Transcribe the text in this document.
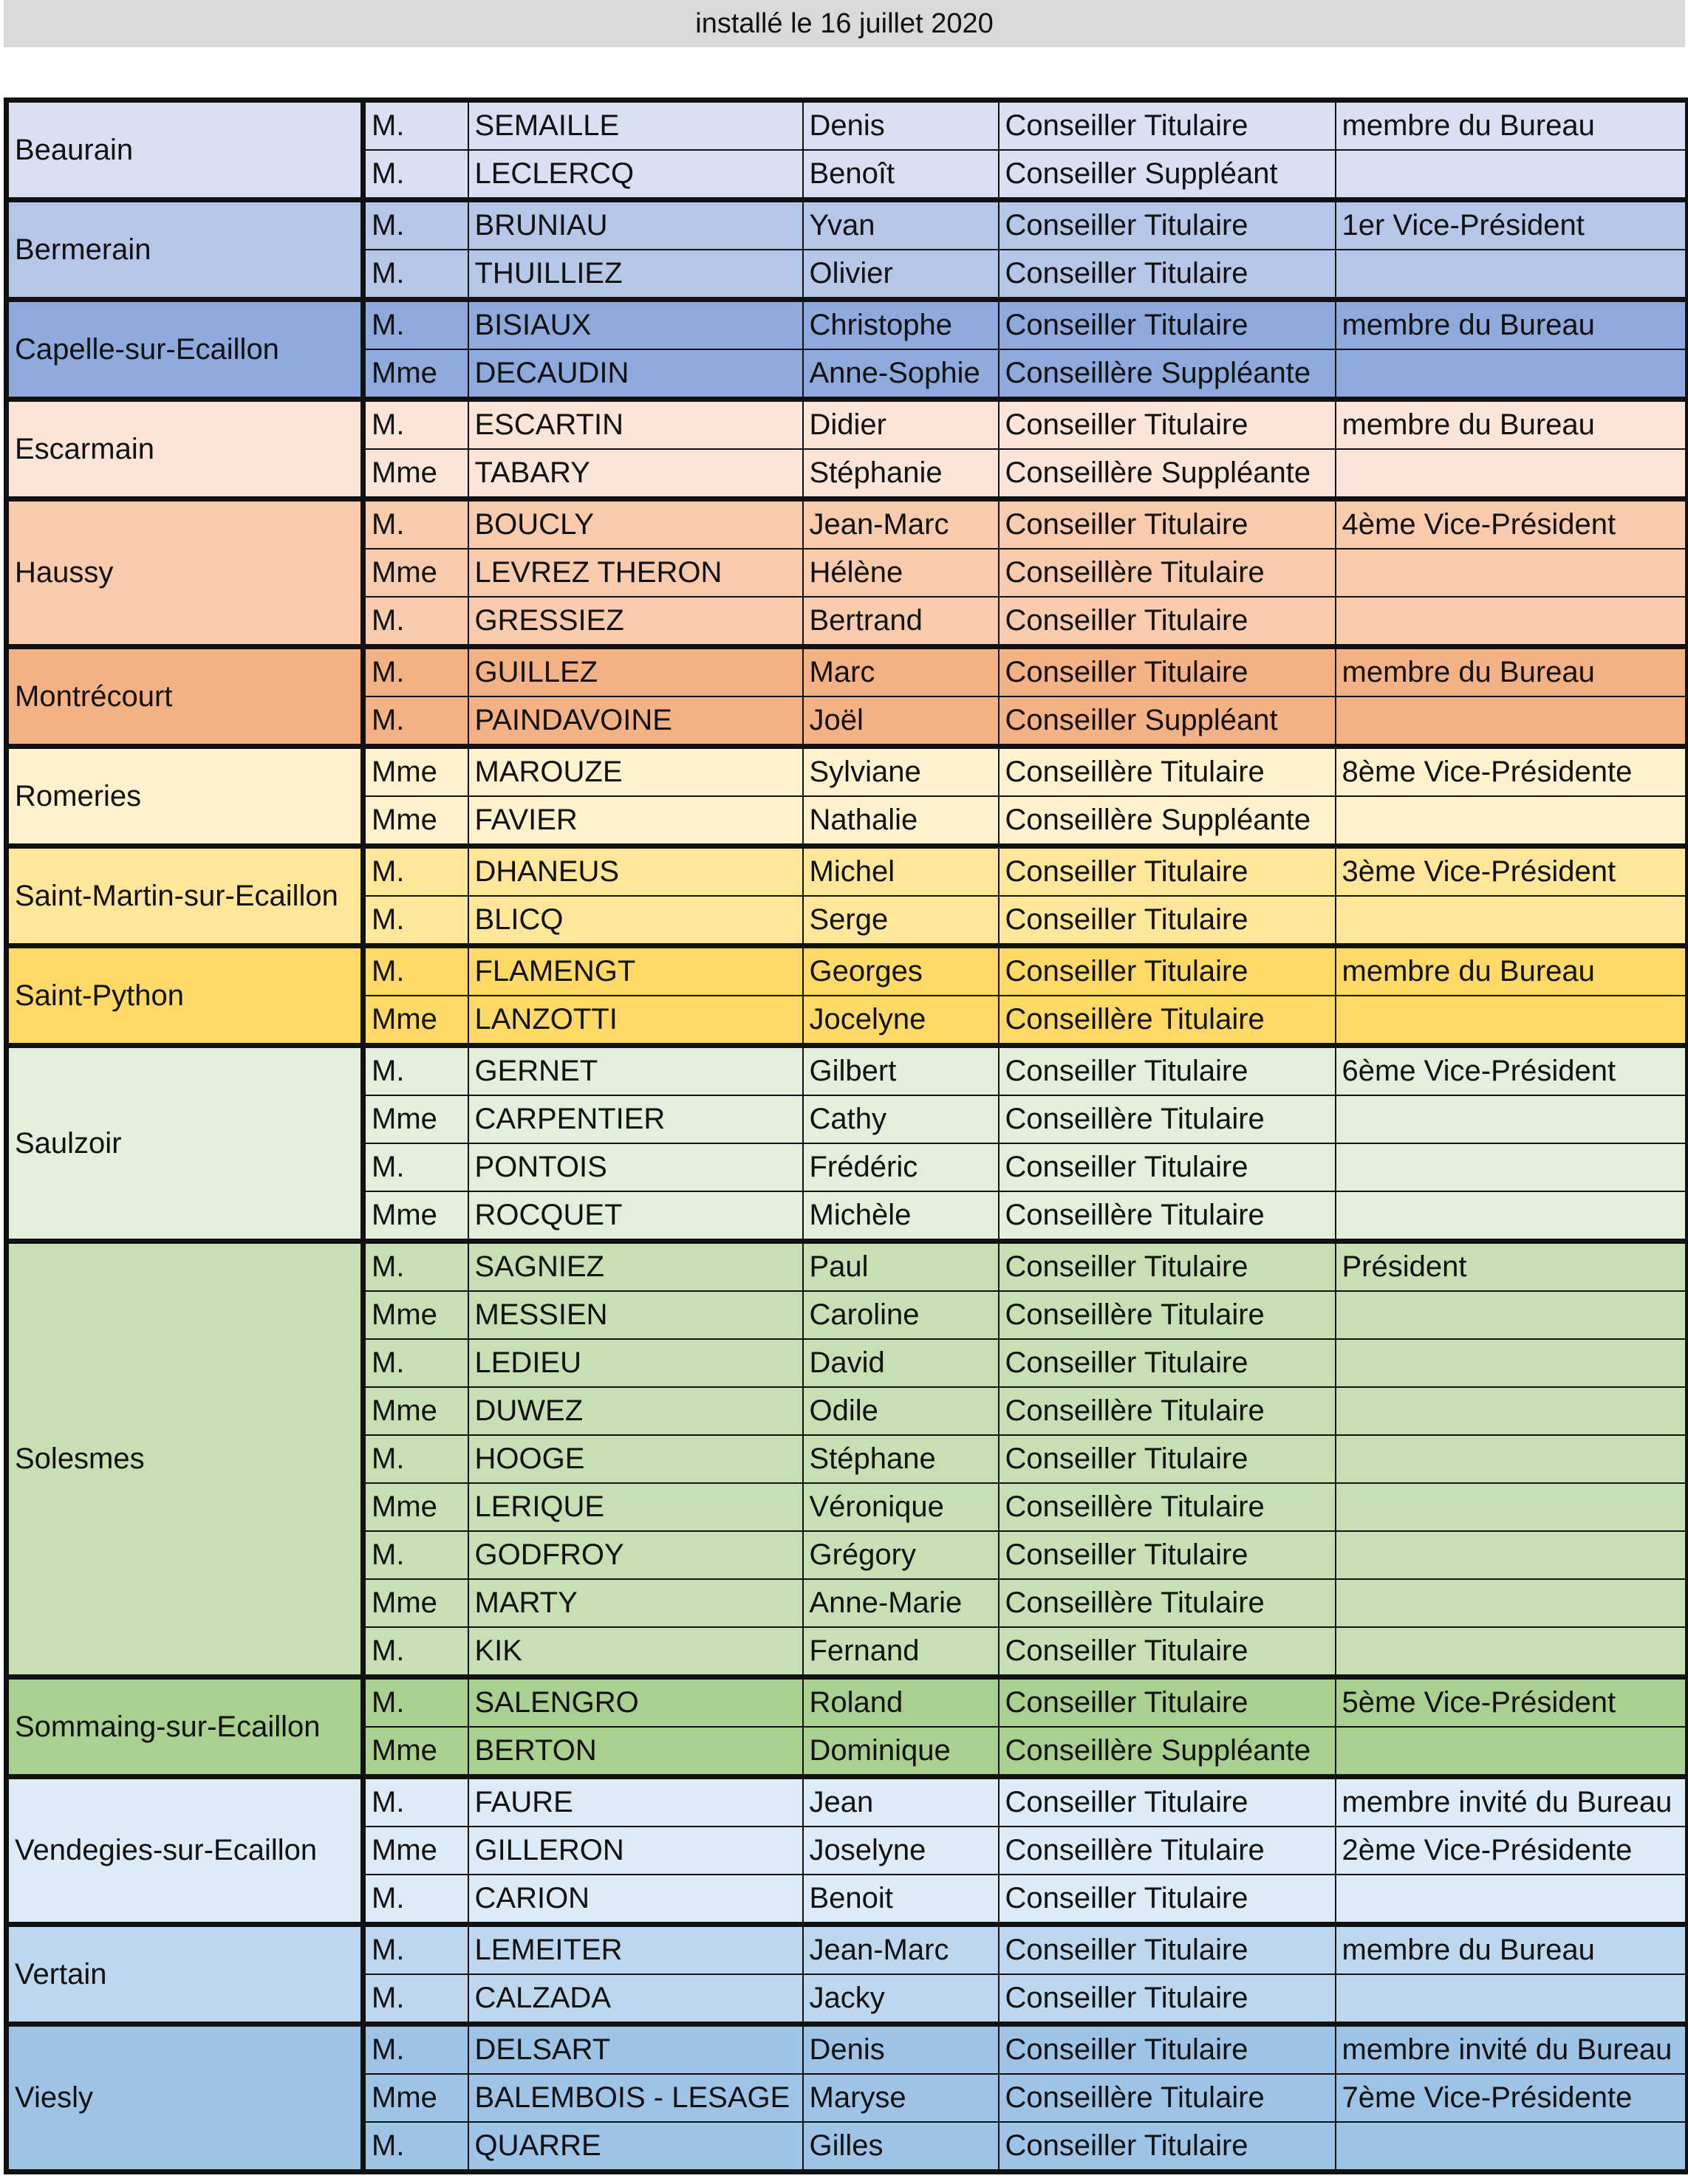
installé le 16 juillet 2020
Beaurain	M.	SEMAILLE	Denis	Conseiller Titulaire	membre du Bureau
	M.	LECLERCQ	Benoît	Conseiller Suppléant	
Bermerain	M.	BRUNIAU	Yvan	Conseiller Titulaire	1er Vice-Président
	M.	THUILLIEZ	Olivier	Conseiller Titulaire	
Capelle-sur-Ecaillon	M.	BISIAUX	Christophe	Conseiller Titulaire	membre du Bureau
	Mme	DECAUDIN	Anne-Sophie	Conseillère Suppléante	
Escarmain	M.	ESCARTIN	Didier	Conseiller Titulaire	membre du Bureau
	Mme	TABARY	Stéphanie	Conseillère Suppléante	
Haussy	M.	BOUCLY	Jean-Marc	Conseiller Titulaire	4ème Vice-Président
	Mme	LEVREZ THERON	Hélène	Conseillère Titulaire	
	M.	GRESSIEZ	Bertrand	Conseiller Titulaire	
Montrécourt	M.	GUILLEZ	Marc	Conseiller Titulaire	membre du Bureau
	M.	PAINDAVOINE	Joël	Conseiller Suppléant	
Romeries	Mme	MAROUZE	Sylviane	Conseillère Titulaire	8ème Vice-Présidente
	Mme	FAVIER	Nathalie	Conseillère Suppléante	
Saint-Martin-sur-Ecaillon	M.	DHANEUS	Michel	Conseiller Titulaire	3ème Vice-Président
	M.	BLICQ	Serge	Conseiller Titulaire	
Saint-Python	M.	FLAMENGT	Georges	Conseiller Titulaire	membre du Bureau
	Mme	LANZOTTI	Jocelyne	Conseillère Titulaire	
Saulzoir	M.	GERNET	Gilbert	Conseiller Titulaire	6ème Vice-Président
	Mme	CARPENTIER	Cathy	Conseillère Titulaire	
	M.	PONTOIS	Frédéric	Conseiller Titulaire	
	Mme	ROCQUET	Michèle	Conseillère Titulaire	
Solesmes	M.	SAGNIEZ	Paul	Conseiller Titulaire	Président
	Mme	MESSIEN	Caroline	Conseillère Titulaire	
	M.	LEDIEU	David	Conseiller Titulaire	
	Mme	DUWEZ	Odile	Conseillère Titulaire	
	M.	HOOGE	Stéphane	Conseiller Titulaire	
	Mme	LERIQUE	Véronique	Conseillère Titulaire	
	M.	GODFROY	Grégory	Conseiller Titulaire	
	Mme	MARTY	Anne-Marie	Conseillère Titulaire	
	M.	KIK	Fernand	Conseiller Titulaire	
Sommaing-sur-Ecaillon	M.	SALENGRO	Roland	Conseiller Titulaire	5ème Vice-Président
	Mme	BERTON	Dominique	Conseillère Suppléante	
Vendegies-sur-Ecaillon	M.	FAURE	Jean	Conseiller Titulaire	membre invité du Bureau
	Mme	GILLERON	Joselyne	Conseillère Titulaire	2ème Vice-Présidente
	M.	CARION	Benoit	Conseiller Titulaire	
Vertain	M.	LEMEITER	Jean-Marc	Conseiller Titulaire	membre du Bureau
	M.	CALZADA	Jacky	Conseiller Titulaire	
Viesly	M.	DELSART	Denis	Conseiller Titulaire	membre invité du Bureau
	Mme	BALEMBOIS - LESAGE	Maryse	Conseillère Titulaire	7ème Vice-Présidente
	M.	QUARRE	Gilles	Conseiller Titulaire	
